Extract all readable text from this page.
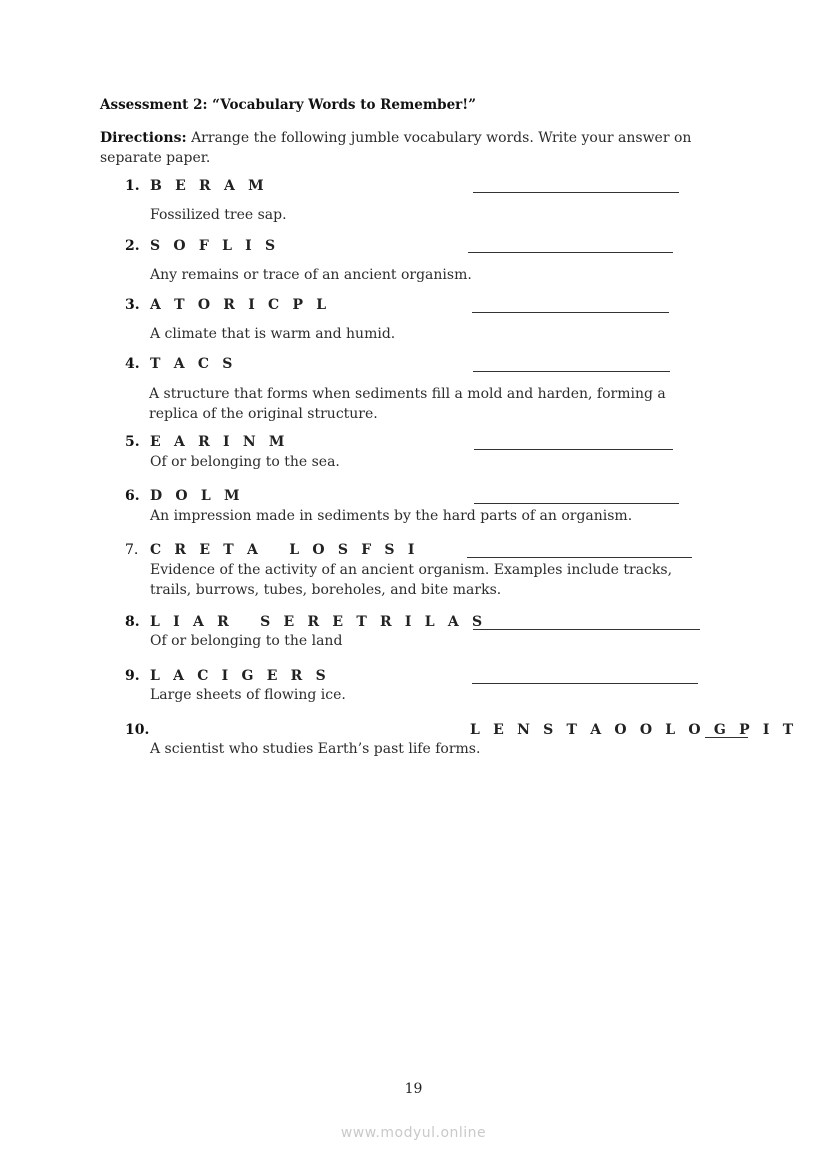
Assessment 2: “Vocabulary Words to Remember!”
Directions: Arrange the following jumble vocabulary words. Write your answer on separate paper.
1. B E R A M
Fossilized tree sap.
2. S O F L I S
Any remains or trace of an ancient organism.
3. A T O R I C P L
A climate that is warm and humid.
4. T A C S
A structure that forms when sediments fill a mold and harden, forming a replica of the original structure.
5. E A R I N M
Of or belonging to the sea.
6. D O L M
An impression made in sediments by the hard parts of an organism.
7. C R E T A   L O S F S I
Evidence of the activity of an ancient organism. Examples include tracks, trails, burrows, tubes, boreholes, and bite marks.
8. L I A R   S E R E T R I L A S
Of or belonging to the land
9. L A C I G E R S
Large sheets of flowing ice.
10.	L E N S T A O O L O G P I T
A scientist who studies Earth’s past life forms.
19
www.modyul.online
